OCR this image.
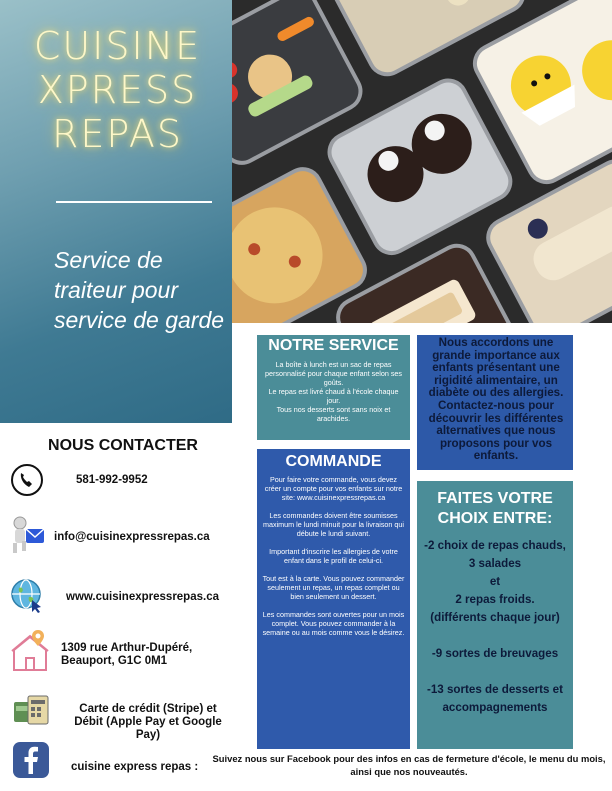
CUISINE
XPRESS
REPAS
Service de traiteur pour service de garde
NOTRE SERVICE
La boîte à lunch est un sac de repas personnalisé pour chaque enfant selon ses goûts.
Le repas est livré chaud à l'école chaque jour.
Tous nos desserts sont sans noix et arachides.
Nous accordons une grande importance aux enfants présentant une rigidité alimentaire, un diabète ou des allergies. Contactez-nous pour découvrir les différentes alternatives que nous proposons pour vos enfants.
COMMANDE

Pour faire votre commande, vous devez créer un compte pour vos enfants sur notre site: www.cuisinexpressrepas.ca

Les commandes doivent être soumisses maximum le lundi minuit pour la livraison qui débute le lundi suivant.

Important d'inscrire les allergies de votre enfant dans le profil de celui-ci.

Tout est à la carte. Vous pouvez commander seulement un repas, un repas complet ou bien seulement un dessert.

Les commandes sont ouvertes pour un mois complet. Vous pouvez commander à la semaine ou au mois comme vous le désirez.

FAITES VOTRE CHOIX ENTRE:
-2 choix de repas chauds,
3 salades
et
2 repas froids.
(différents chaque jour)
-9 sortes de breuvages
-13 sortes de desserts et accompagnements
NOUS CONTACTER
581-992-9952
info@cuisinexpressrepas.ca
www.cuisinexpressrepas.ca
1309 rue Arthur-Dupéré, Beauport, G1C 0M1
Carte de crédit (Stripe) et Débit (Apple Pay et Google Pay)
cuisine express repas :
Suivez nous sur Facebook pour des infos en cas de fermeture d'école, le menu du mois, ainsi que nos nouveautés.
